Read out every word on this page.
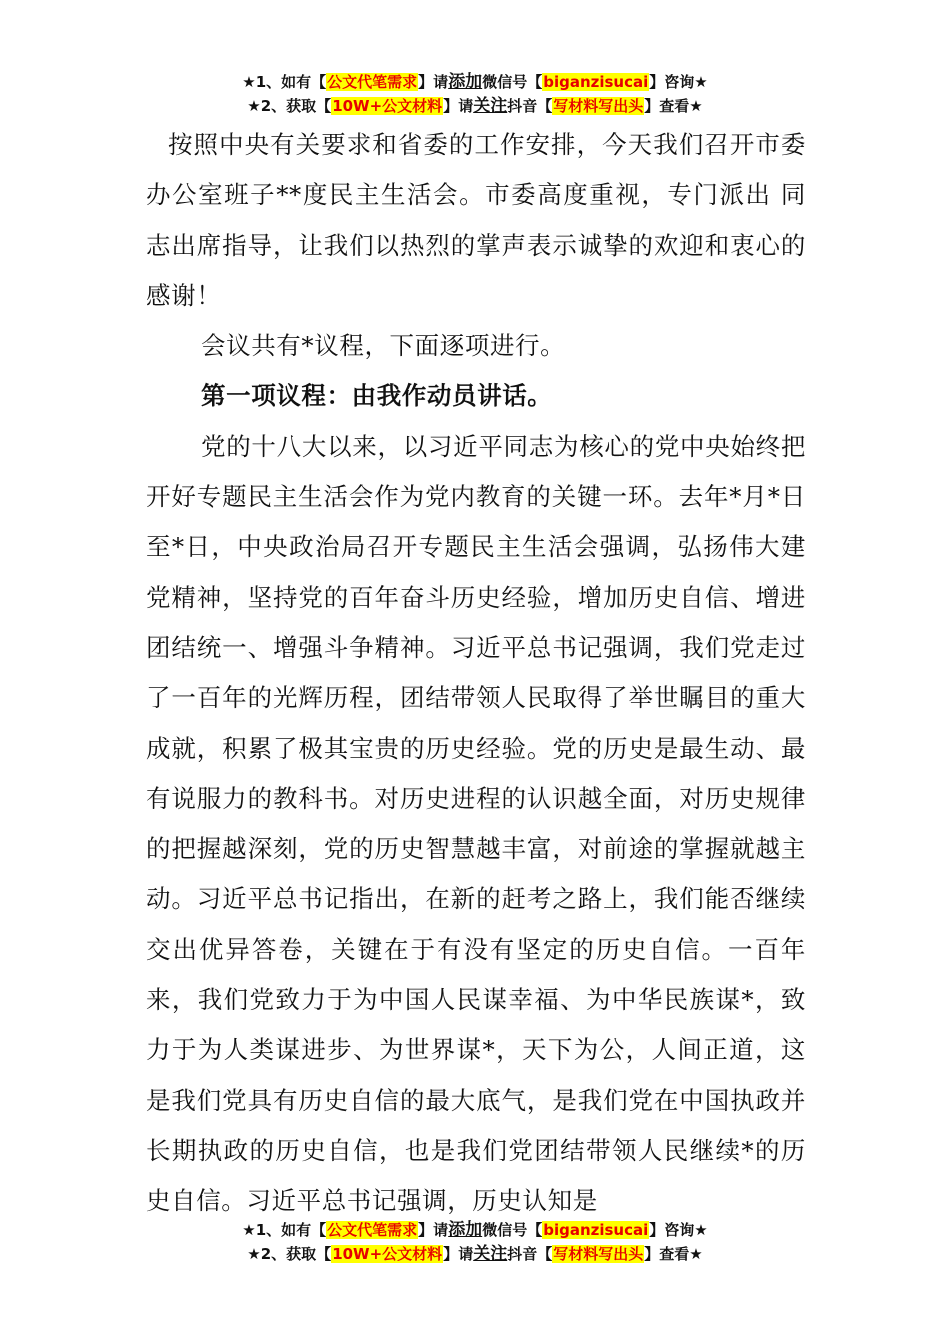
★1、如有【公文代笔需求】请添加微信号【biganzisucai】咨询★
★2、获取【10W+公文材料】请关注抖音【写材料写出头】查看★

按照中央有关要求和省委的工作安排，今天我们召开市委办公室班子**度民主生活会。市委高度重视，专门派出 同志出席指导，让我们以热烈的掌声表示诚挚的欢迎和衷心的感谢！

会议共有*议程，下面逐项进行。

第一项议程：由我作动员讲话。

党的十八大以来，以习近平同志为核心的党中央始终把开好专题民主生活会作为党内教育的关键一环。去年*月*日至*日，中央政治局召开专题民主生活会强调，弘扬伟大建党精神，坚持党的百年奋斗历史经验，增加历史自信、增进团结统一、增强斗争精神。习近平总书记强调，我们党走过了一百年的光辉历程，团结带领人民取得了举世瞩目的重大成就，积累了极其宝贵的历史经验。党的历史是最生动、最有说服力的教科书。对历史进程的认识越全面，对历史规律的把握越深刻，党的历史智慧越丰富，对前途的掌握就越主动。习近平总书记指出，在新的赶考之路上，我们能否继续交出优异答卷，关键在于有没有坚定的历史自信。一百年来，我们党致力于为中国人民谋幸福、为中华民族谋*，致力于为人类谋进步、为世界谋*，天下为公，人间正道，这是我们党具有历史自信的最大底气，是我们党在中国执政并长期执政的历史自信，也是我们党团结带领人民继续*的历史自信。习近平总书记强调，历史认知是

★1、如有【公文代笔需求】请添加微信号【biganzisucai】咨询★
★2、获取【10W+公文材料】请关注抖音【写材料写出头】查看★
